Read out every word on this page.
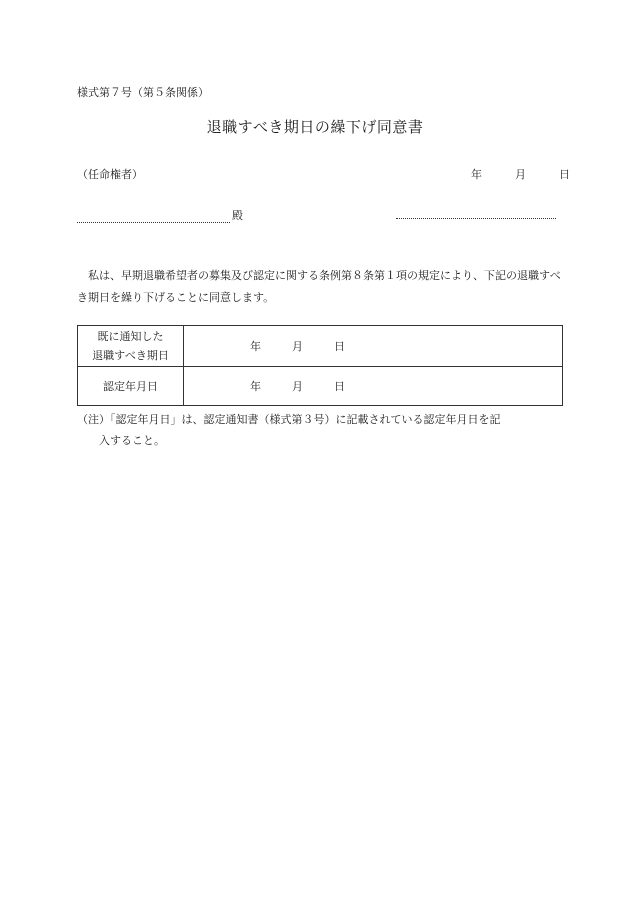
様式第７号（第５条関係）
退職すべき期日の繰下げ同意書
（任命権者）	年	月	日
殿
私は、早期退職希望者の募集及び認定に関する条例第８条第１項の規定により、下記の退職すべき期日を繰り下げることに同意します。
既に通知した
退職すべき期日	年 月 日
認定年月日	年 月 日
（注）「認定年月日」は、認定通知書（様式第３号）に記載されている認定年月日を記
入すること。
